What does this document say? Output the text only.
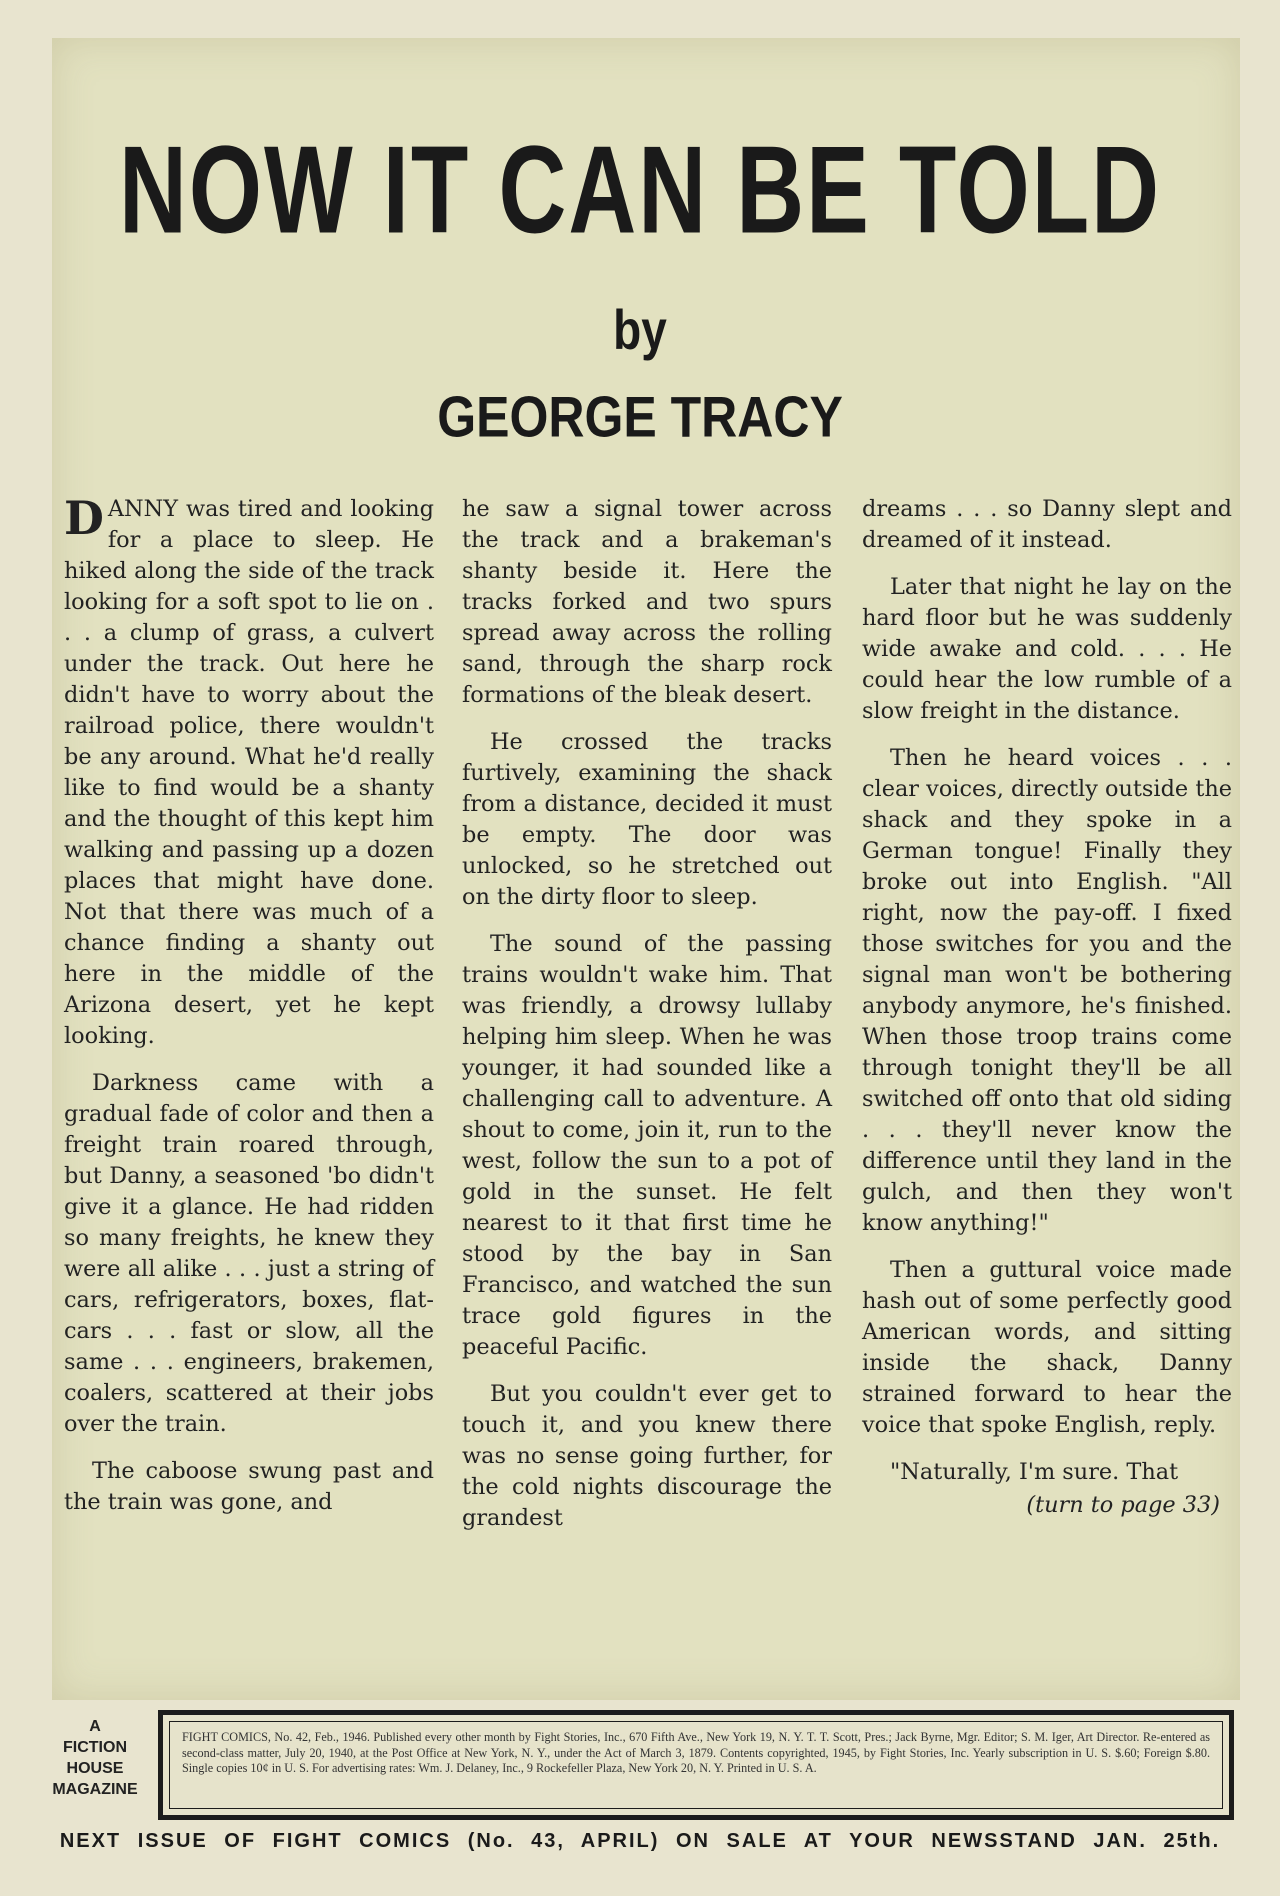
NOW IT CAN BE TOLD
by
GEORGE TRACY

DANNY was tired and looking for a place to sleep. He hiked along the side of the track looking for a soft spot to lie on . . . a clump of grass, a culvert under the track. Out here he didn't have to worry about the railroad police, there wouldn't be any around. What he'd really like to find would be a shanty and the thought of this kept him walking and passing up a dozen places that might have done. Not that there was much of a chance finding a shanty out here in the middle of the Arizona desert, yet he kept looking.

Darkness came with a gradual fade of color and then a freight train roared through, but Danny, a seasoned 'bo didn't give it a glance. He had ridden so many freights, he knew they were all alike . . . just a string of cars, refrigerators, boxes, flat-cars . . . fast or slow, all the same . . . engineers, brakemen, coalers, scattered at their jobs over the train.

The caboose swung past and the train was gone, and

he saw a signal tower across the track and a brakeman's shanty beside it. Here the tracks forked and two spurs spread away across the rolling sand, through the sharp rock formations of the bleak desert.

He crossed the tracks furtively, examining the shack from a distance, decided it must be empty. The door was unlocked, so he stretched out on the dirty floor to sleep.

The sound of the passing trains wouldn't wake him. That was friendly, a drowsy lullaby helping him sleep. When he was younger, it had sounded like a challenging call to adventure. A shout to come, join it, run to the west, follow the sun to a pot of gold in the sunset. He felt nearest to it that first time he stood by the bay in San Francisco, and watched the sun trace gold figures in the peaceful Pacific.

But you couldn't ever get to touch it, and you knew there was no sense going further, for the cold nights discourage the grandest

dreams . . . so Danny slept and dreamed of it instead.

Later that night he lay on the hard floor but he was suddenly wide awake and cold. . . . He could hear the low rumble of a slow freight in the distance.

Then he heard voices . . . clear voices, directly outside the shack and they spoke in a German tongue! Finally they broke out into English. "All right, now the pay-off. I fixed those switches for you and the signal man won't be bothering anybody anymore, he's finished. When those troop trains come through tonight they'll be all switched off onto that old siding . . . they'll never know the difference until they land in the gulch, and then they won't know anything!"

Then a guttural voice made hash out of some perfectly good American words, and sitting inside the shack, Danny strained forward to hear the voice that spoke English, reply.

"Naturally, I'm sure. That

(turn to page 33)
A
FICTION
HOUSE
MAGAZINE
FIGHT COMICS, No. 42, Feb., 1946. Published every other month by Fight Stories, Inc., 670 Fifth Ave., New York 19, N. Y. T. T. Scott, Pres.; Jack Byrne, Mgr. Editor; S. M. Iger, Art Director. Re-entered as second-class matter, July 20, 1940, at the Post Office at New York, N. Y., under the Act of March 3, 1879. Contents copyrighted, 1945, by Fight Stories, Inc. Yearly subscription in U. S. $.60; Foreign $.80. Single copies 10¢ in U. S. For advertising rates: Wm. J. Delaney, Inc., 9 Rockefeller Plaza, New York 20, N. Y. Printed in U. S. A.
NEXT ISSUE OF FIGHT COMICS (No. 43, APRIL) ON SALE AT YOUR NEWSSTAND JAN. 25th.
